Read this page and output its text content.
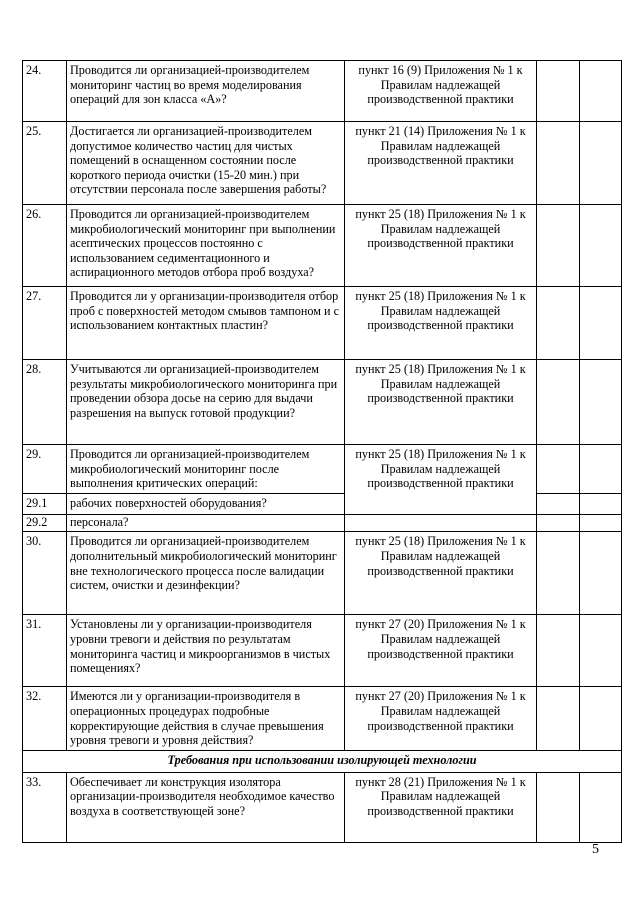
24.	Проводится ли организацией-производителем мониторинг частиц во время моделирования операций для зон класса «А»?	пункт 16 (9) Приложения № 1 к Правилам надлежащей производственной практики		
25.	Достигается ли организацией-производителем допустимое количество частиц для чистых помещений в оснащенном состоянии после короткого периода очистки (15-20 мин.) при отсутствии персонала после завершения работы?	пункт 21 (14) Приложения № 1 к Правилам надлежащей производственной практики		
26.	Проводится ли организацией-производителем микробиологический мониторинг при выполнении асептических процессов постоянно с использованием седиментационного и аспирационного методов отбора проб воздуха?	пункт 25 (18) Приложения № 1 к Правилам надлежащей производственной практики		
27.	Проводится ли у организации-производителя отбор проб с поверхностей методом смывов тампоном и с использованием контактных пластин?	пункт 25 (18) Приложения № 1 к Правилам надлежащей производственной практики		
28.	Учитываются ли организацией-производителем результаты микробиологического мониторинга при проведении обзора досье на серию для выдачи разрешения на выпуск готовой продукции?	пункт 25 (18) Приложения № 1 к Правилам надлежащей производственной практики		
29.	Проводится ли организацией-производителем микробиологический мониторинг после выполнения критических операций:	пункт 25 (18) Приложения № 1 к Правилам надлежащей производственной практики		
29.1	рабочих поверхностей оборудования?			
29.2	персонала?			
30.	Проводится ли организацией-производителем дополнительный микробиологический мониторинг вне технологического процесса после валидации систем, очистки и дезинфекции?	пункт 25 (18) Приложения № 1 к Правилам надлежащей производственной практики		
31.	Установлены ли у организации-производителя уровни тревоги и действия по результатам мониторинга частиц и микроорганизмов в чистых помещениях?	пункт 27 (20) Приложения № 1 к Правилам надлежащей производственной практики		
32.	Имеются ли у организации-производителя в операционных процедурах подробные корректирующие действия в случае превышения уровня тревоги и уровня действия?	пункт 27 (20) Приложения № 1 к Правилам надлежащей производственной практики		
Требования при использовании изолирующей технологии				
33.	Обеспечивает ли конструкция изолятора организации-производителя необходимое качество воздуха в соответствующей зоне?	пункт 28 (21) Приложения № 1 к Правилам надлежащей производственной практики		
5
